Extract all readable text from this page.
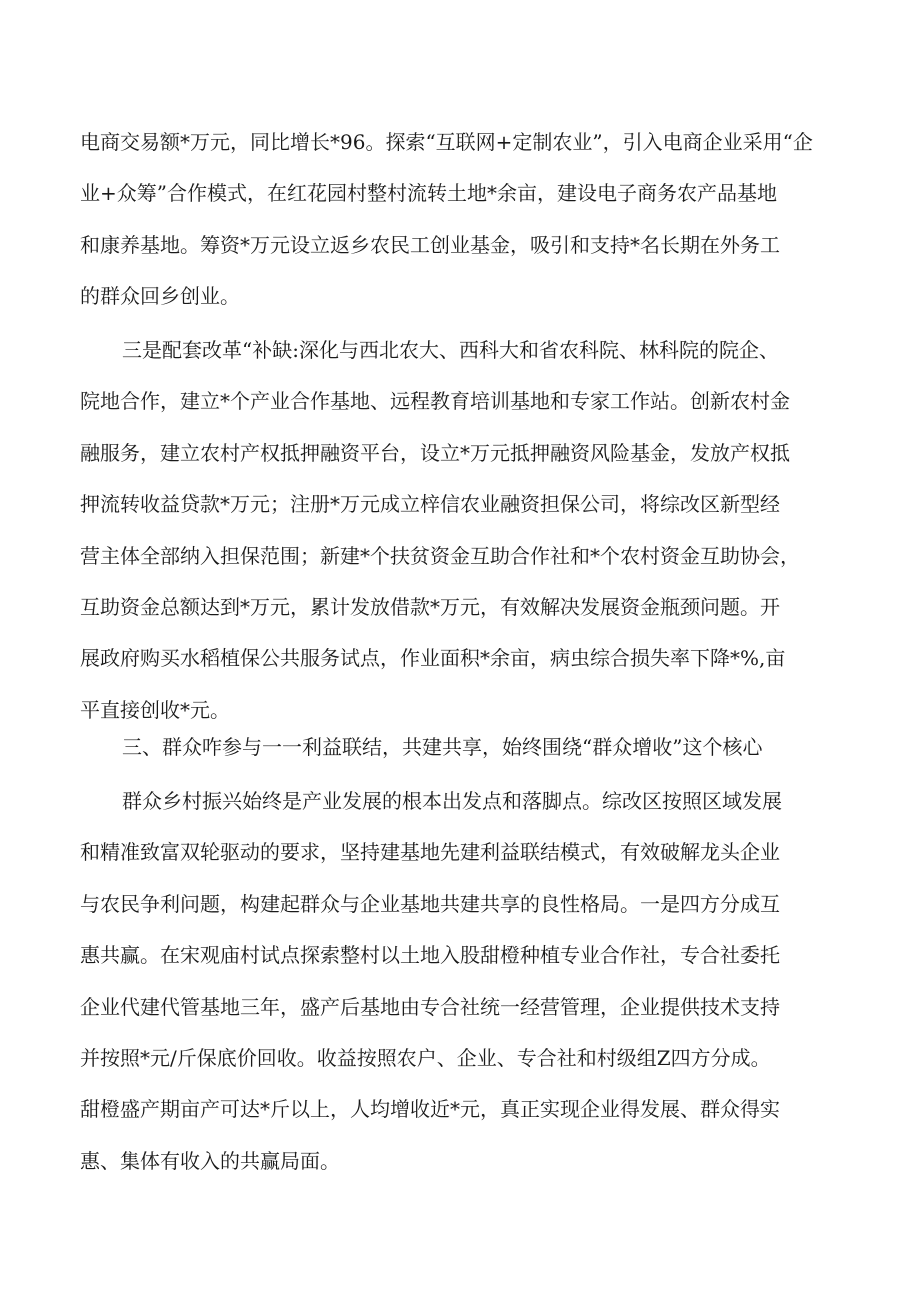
电商交易额*万元，同比增长*96。探索“互联网+定制农业”，引入电商企业采用“企
业+众筹”合作模式，在红花园村整村流转土地*余亩，建设电子商务农产品基地
和康养基地。筹资*万元设立返乡农民工创业基金，吸引和支持*名长期在外务工
的群众回乡创业。
三是配套改革“补缺:深化与西北农大、西科大和省农科院、林科院的院企、
院地合作，建立*个产业合作基地、远程教育培训基地和专家工作站。创新农村金
融服务，建立农村产权抵押融资平台，设立*万元抵押融资风险基金，发放产权抵
押流转收益贷款*万元；注册*万元成立梓信农业融资担保公司，将综改区新型经
营主体全部纳入担保范围；新建*个扶贫资金互助合作社和*个农村资金互助协会，
互助资金总额达到*万元，累计发放借款*万元，有效解决发展资金瓶颈问题。开
展政府购买水稻植保公共服务试点，作业面积*余亩，病虫综合损失率下降*%,亩
平直接创收*元。
三、群众咋参与一一利益联结，共建共享，始终围绕“群众增收”这个核心
群众乡村振兴始终是产业发展的根本出发点和落脚点。综改区按照区域发展
和精准致富双轮驱动的要求，坚持建基地先建利益联结模式，有效破解龙头企业
与农民争利问题，构建起群众与企业基地共建共享的良性格局。一是四方分成互
惠共赢。在宋观庙村试点探索整村以土地入股甜橙种植专业合作社，专合社委托
企业代建代管基地三年，盛产后基地由专合社统一经营管理，企业提供技术支持
并按照*元/斤保底价回收。收益按照农户、企业、专合社和村级组Z四方分成。
甜橙盛产期亩产可达*斤以上，人均增收近*元，真正实现企业得发展、群众得实
惠、集体有收入的共赢局面。
